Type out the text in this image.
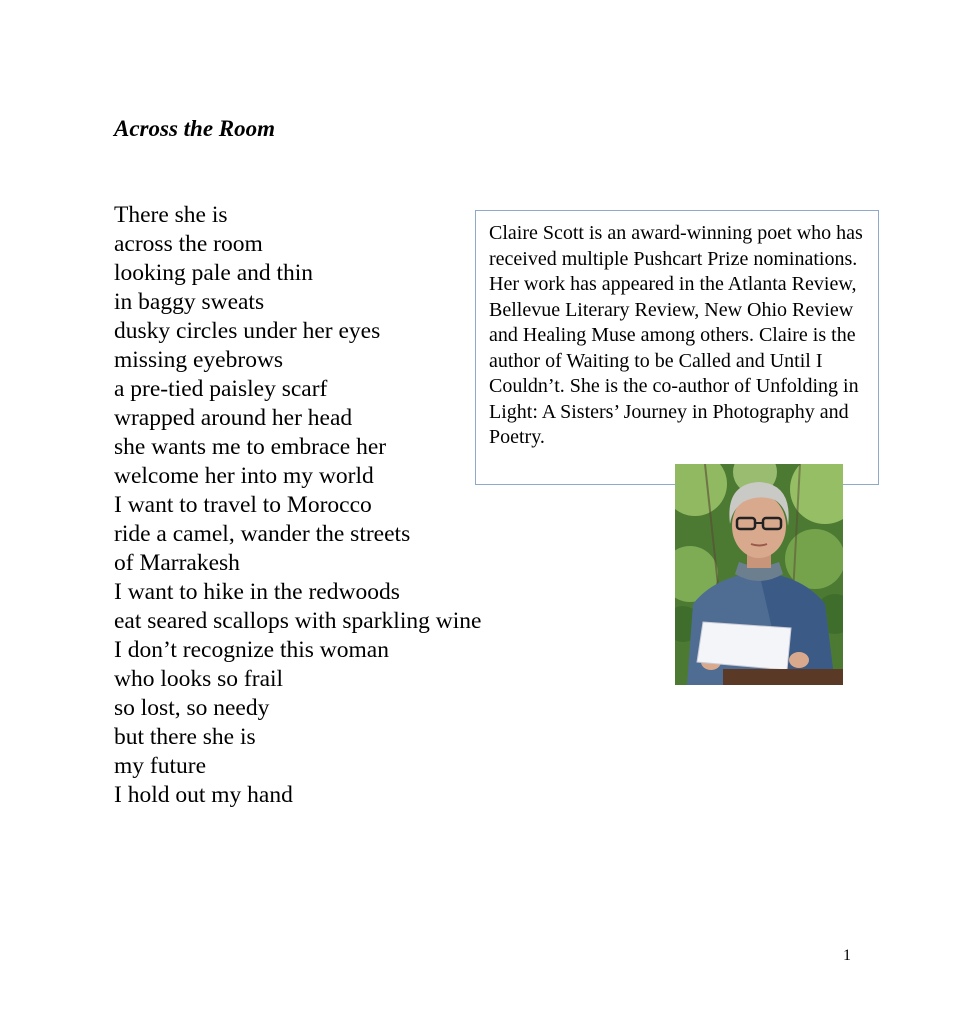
Across the Room
There she is
across the room
looking pale and thin
in baggy sweats
dusky circles under her eyes
missing eyebrows
a pre-tied paisley scarf
wrapped around her head
she wants me to embrace her
welcome her into my world
I want to travel to Morocco
ride a camel, wander the streets
of Marrakesh
I want to hike in the redwoods
eat seared scallops with sparkling wine
I don’t recognize this woman
who looks so frail
so lost, so needy
but there she is
my future
I hold out my hand
Claire Scott is an award-winning poet who has received multiple Pushcart Prize nominations. Her work has appeared in the Atlanta Review, Bellevue Literary Review, New Ohio Review and Healing Muse among others. Claire is the author of Waiting to be Called and Until I Couldn’t. She is the co-author of Unfolding in Light: A Sisters’ Journey in Photography and Poetry.
1
